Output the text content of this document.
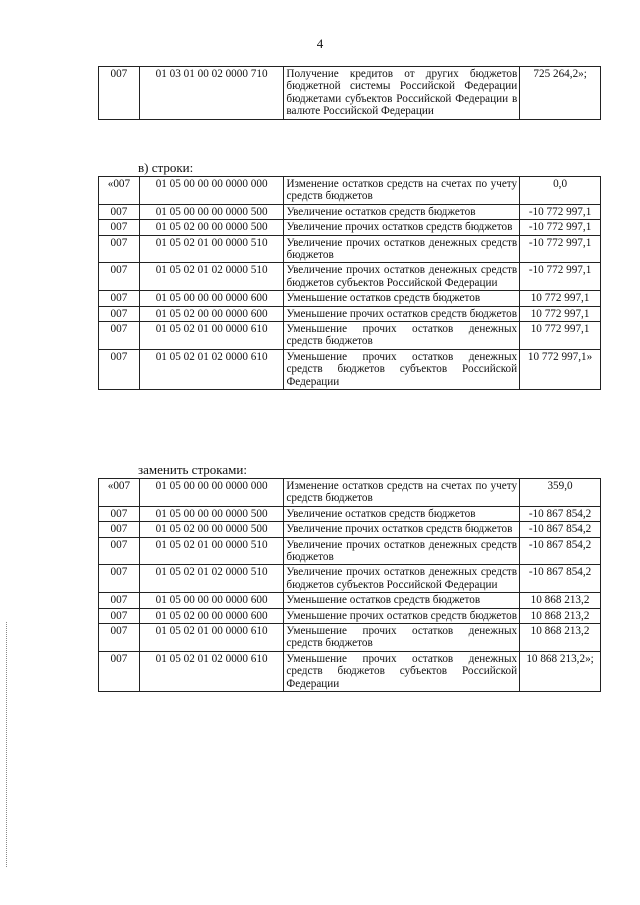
4
007	01 03 01 00 02 0000 710	Получение кредитов от других бюджетов бюджетной системы Российской Федерации бюджетами субъектов Российской Федерации в валюте Российской Федерации	725 264,2»;
в) строки:
«007	01 05 00 00 00 0000 000	Изменение остатков средств на счетах по учету средств бюджетов	0,0
007	01 05 00 00 00 0000 500	Увеличение остатков средств бюджетов	-10 772 997,1
007	01 05 02 00 00 0000 500	Увеличение прочих остатков средств бюджетов	-10 772 997,1
007	01 05 02 01 00 0000 510	Увеличение прочих остатков денежных средств бюджетов	-10 772 997,1
007	01 05 02 01 02 0000 510	Увеличение прочих остатков денежных средств бюджетов субъектов Российской Федерации	-10 772 997,1
007	01 05 00 00 00 0000 600	Уменьшение остатков средств бюджетов	10 772 997,1
007	01 05 02 00 00 0000 600	Уменьшение прочих остатков средств бюджетов	10 772 997,1
007	01 05 02 01 00 0000 610	Уменьшение прочих остатков денежных средств бюджетов	10 772 997,1
007	01 05 02 01 02 0000 610	Уменьшение прочих остатков денежных средств бюджетов субъектов Российской Федерации	10 772 997,1»
заменить строками:
«007	01 05 00 00 00 0000 000	Изменение остатков средств на счетах по учету средств бюджетов	359,0
007	01 05 00 00 00 0000 500	Увеличение остатков средств бюджетов	-10 867 854,2
007	01 05 02 00 00 0000 500	Увеличение прочих остатков средств бюджетов	-10 867 854,2
007	01 05 02 01 00 0000 510	Увеличение прочих остатков денежных средств бюджетов	-10 867 854,2
007	01 05 02 01 02 0000 510	Увеличение прочих остатков денежных средств бюджетов субъектов Российской Федерации	-10 867 854,2
007	01 05 00 00 00 0000 600	Уменьшение остатков средств бюджетов	10 868 213,2
007	01 05 02 00 00 0000 600	Уменьшение прочих остатков средств бюджетов	10 868 213,2
007	01 05 02 01 00 0000 610	Уменьшение прочих остатков денежных средств бюджетов	10 868 213,2
007	01 05 02 01 02 0000 610	Уменьшение прочих остатков денежных средств бюджетов субъектов Российской Федерации	10 868 213,2»;
